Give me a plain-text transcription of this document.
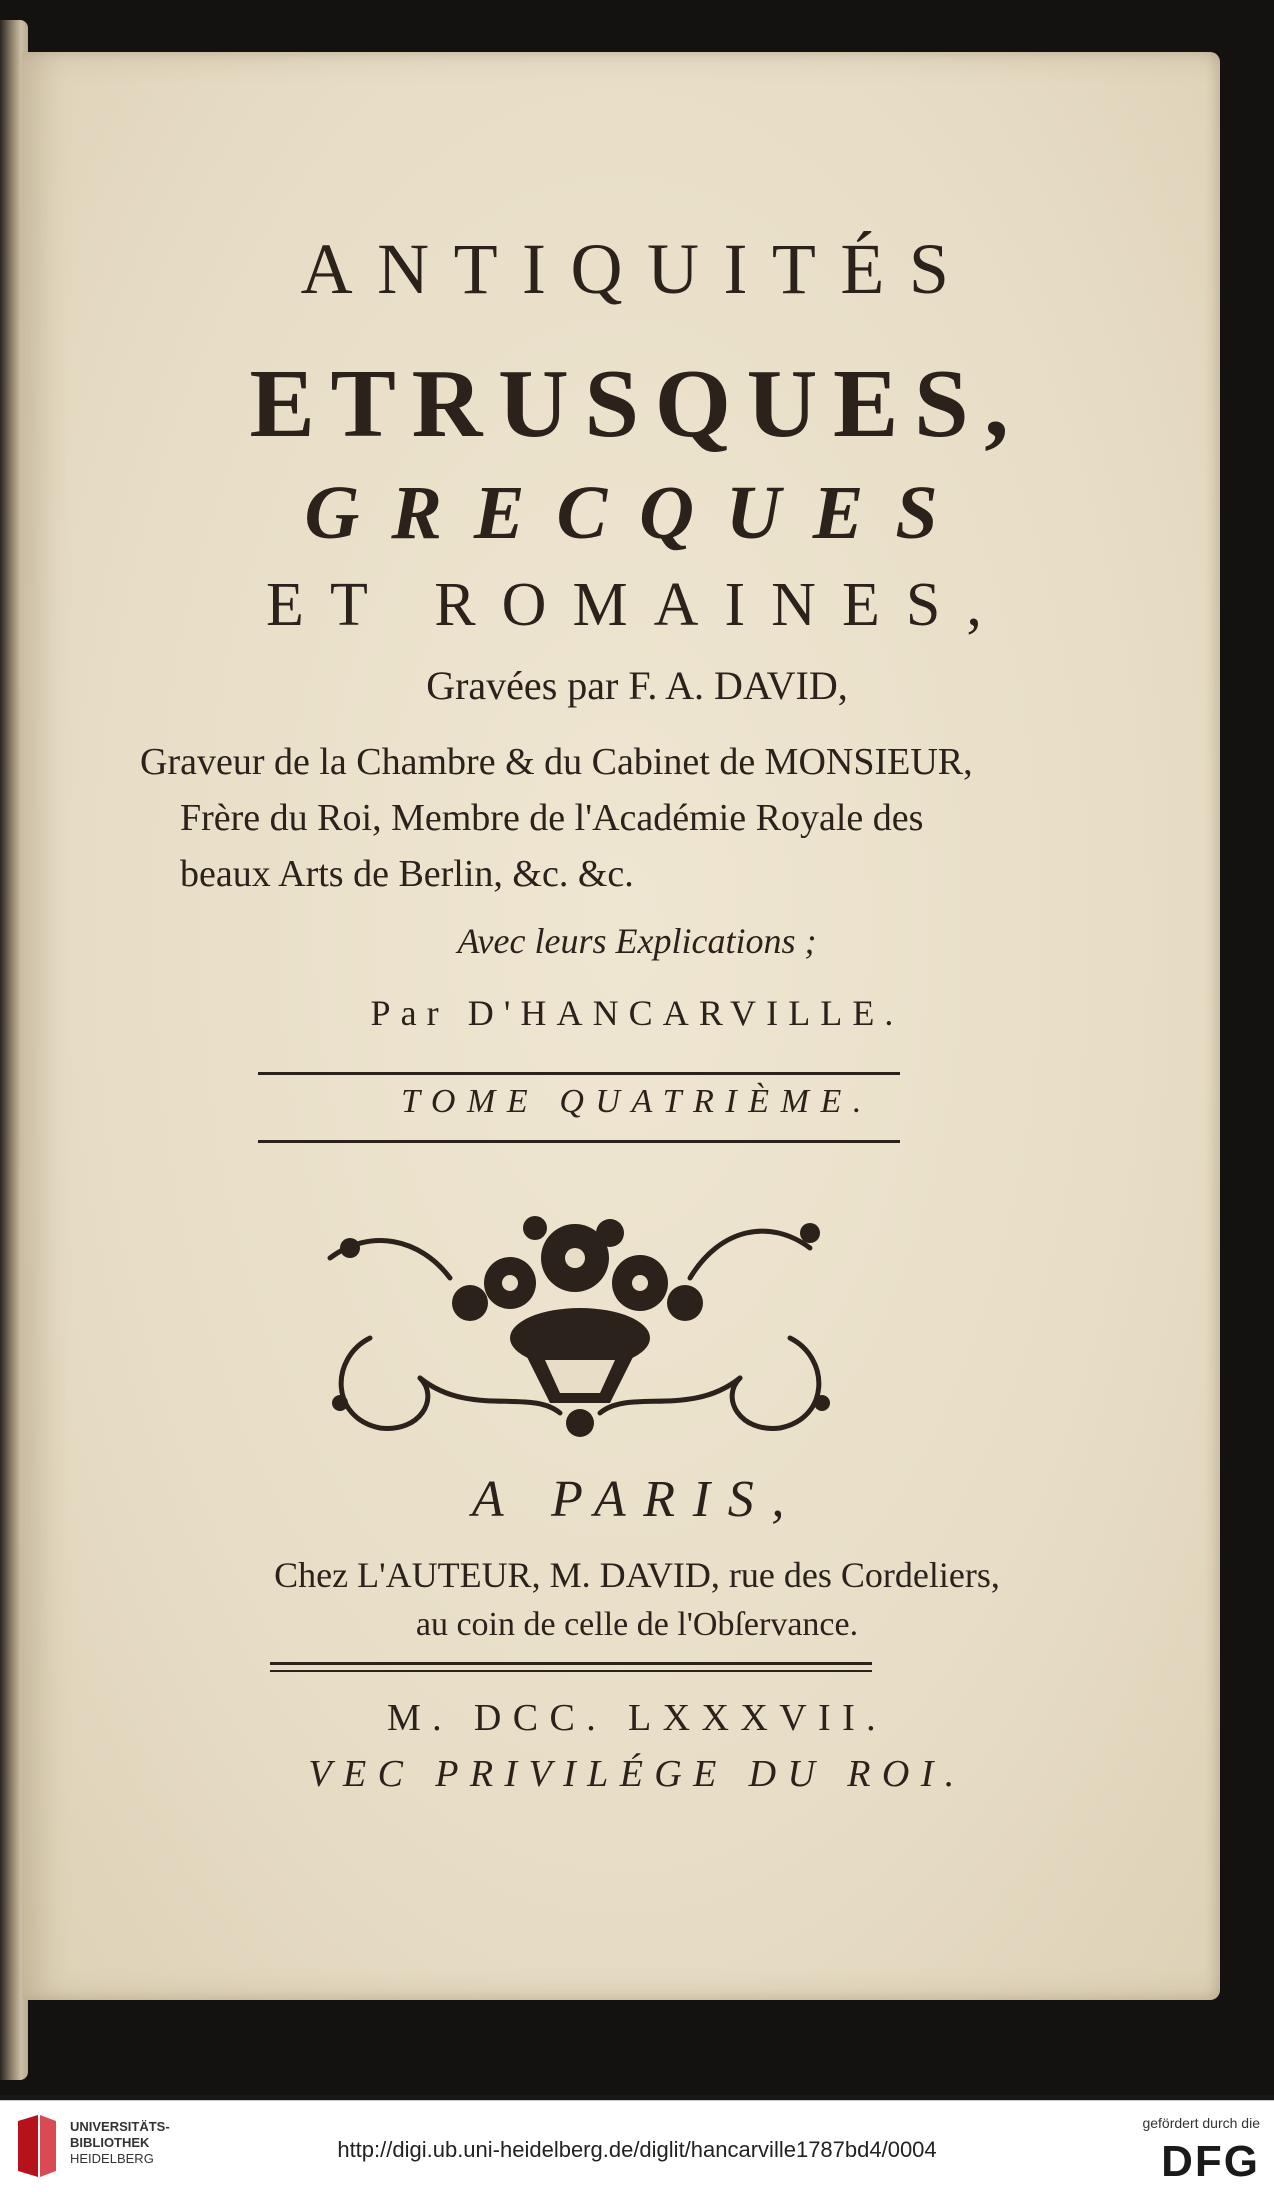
ANTIQUITÉS
ETRUSQUES,
GRECQUES
ET ROMAINES,
Gravées par F. A. DAVID,
Graveur de la Chambre & du Cabinet de MONSIEUR,
Frère du Roi, Membre de l'Académie Royale des
beaux Arts de Berlin, &c. &c.
Avec leurs Explications ;
Par D'HANCARVILLE.
TOME QUATRIÈME.
A PARIS,
Chez L'AUTEUR, M. DAVID, rue des Cordeliers,
au coin de celle de l'Obſervance.
M. DCC. LXXXVII.
VEC PRIVILÉGE DU ROI.
UNIVERSITÄTS-
BIBLIOTHEK
HEIDELBERG	http://digi.ub.uni-heidelberg.de/diglit/hancarville1787bd4/0004
gefördert durch die
DFG
